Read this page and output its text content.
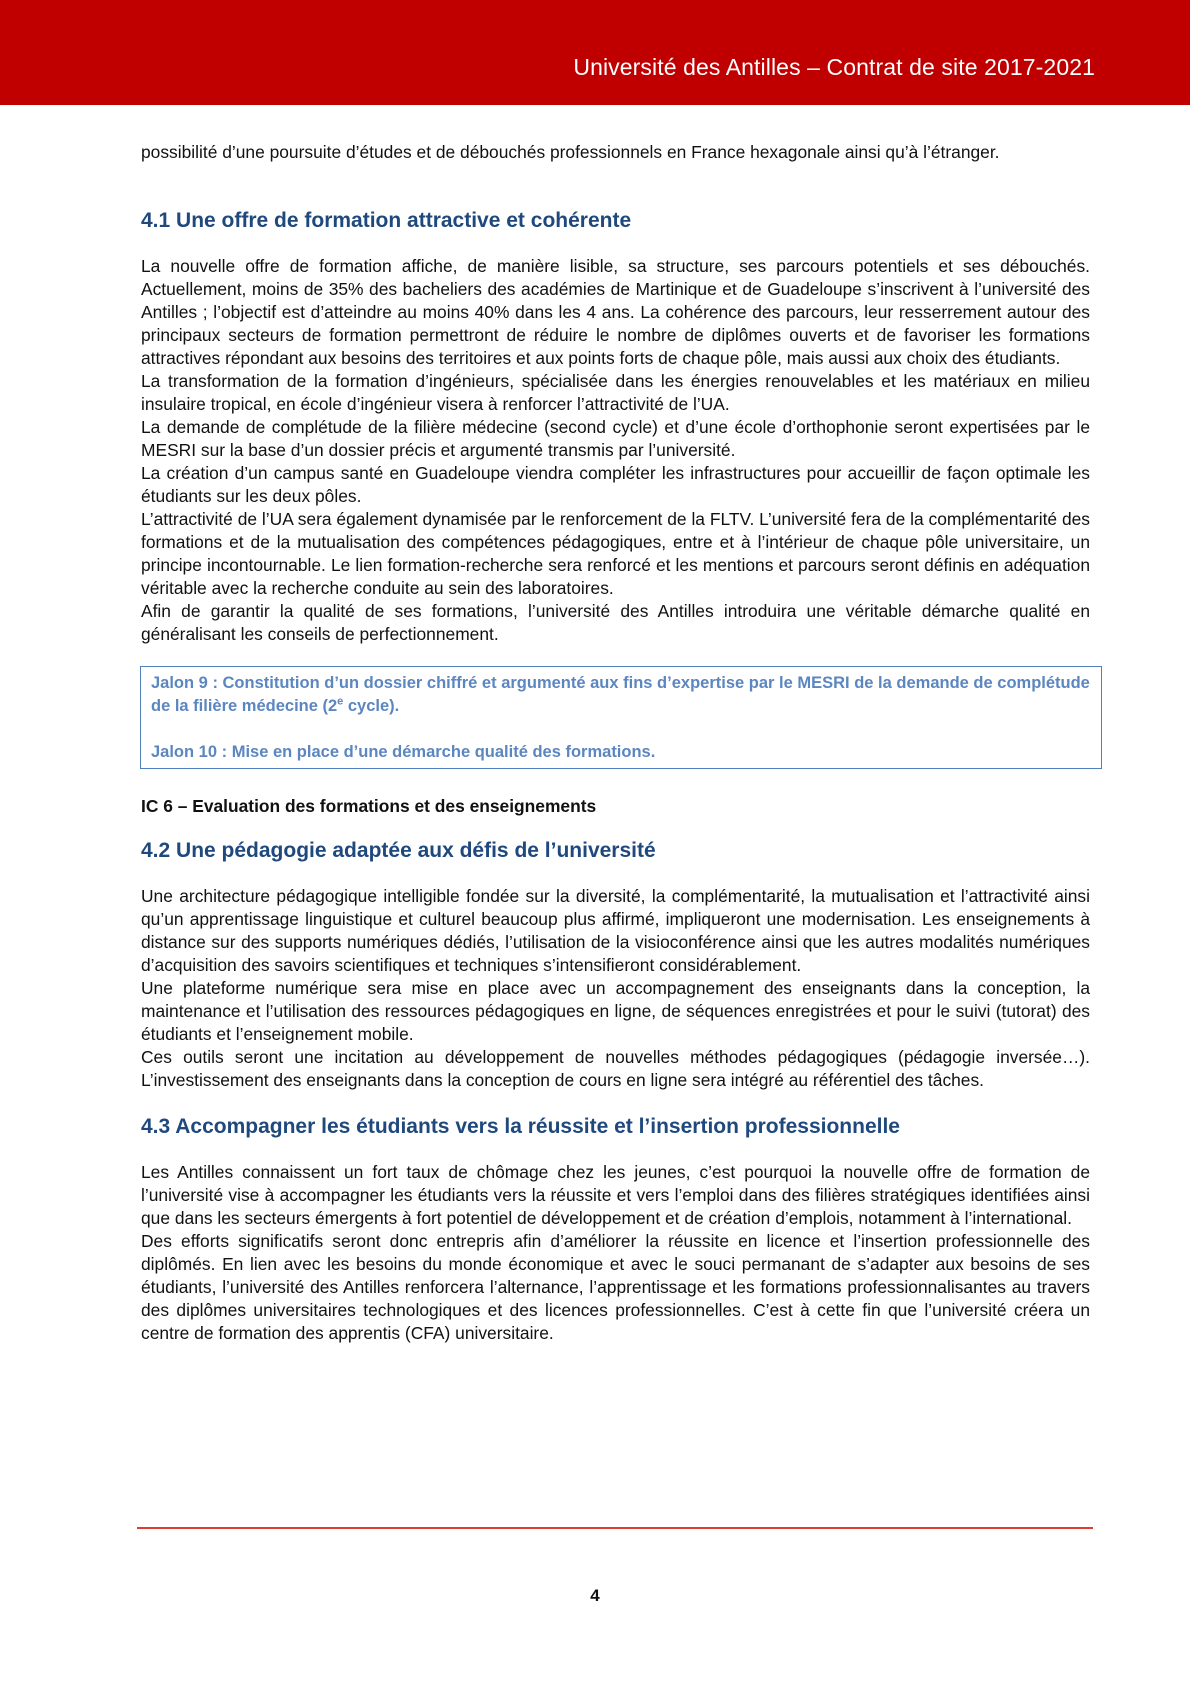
Université des Antilles – Contrat de site 2017-2021

possibilité d’une poursuite d’études et de débouchés professionnels en France hexagonale ainsi qu’à l’étranger.

4.1 Une offre de formation attractive et cohérente

La nouvelle offre de formation affiche, de manière lisible, sa structure, ses parcours potentiels et ses débouchés. Actuellement, moins de 35% des bacheliers des académies de Martinique et de Guadeloupe s’inscrivent à l’université des Antilles ; l’objectif est d’atteindre au moins 40% dans les 4 ans. La cohérence des parcours, leur resserrement autour des principaux secteurs de formation permettront de réduire le nombre de diplômes ouverts et de favoriser les formations attractives répondant aux besoins des territoires et aux points forts de chaque pôle, mais aussi aux choix des étudiants.

La transformation de la formation d’ingénieurs, spécialisée dans les énergies renouvelables et les matériaux en milieu insulaire tropical, en école d’ingénieur visera à renforcer l’attractivité de l’UA.

La demande de complétude de la filière médecine (second cycle) et d’une école d’orthophonie seront expertisées par le MESRI sur la base d’un dossier précis et argumenté transmis par l’université.

La création d’un campus santé en Guadeloupe viendra compléter les infrastructures pour accueillir de façon optimale les étudiants sur les deux pôles.

L’attractivité de l’UA sera également dynamisée par le renforcement de la FLTV. L’université fera de la complémentarité des formations et de la mutualisation des compétences pédagogiques, entre et à l’intérieur de chaque pôle universitaire, un principe incontournable. Le lien formation-recherche sera renforcé et les mentions et parcours seront définis en adéquation véritable avec la recherche conduite au sein des laboratoires.

Afin de garantir la qualité de ses formations, l’université des Antilles introduira une véritable démarche qualité en généralisant les conseils de perfectionnement.

Jalon 9 : Constitution d’un dossier chiffré et argumenté aux fins d’expertise par le MESRI de la demande de complétude de la filière médecine (2e cycle).

Jalon 10 : Mise en place d’une démarche qualité des formations.

IC 6 – Evaluation des formations et des enseignements

4.2 Une pédagogie adaptée aux défis de l’université

Une architecture pédagogique intelligible fondée sur la diversité, la complémentarité, la mutualisation et l’attractivité ainsi qu’un apprentissage linguistique et culturel beaucoup plus affirmé, impliqueront une modernisation. Les enseignements à distance sur des supports numériques dédiés, l’utilisation de la visioconférence ainsi que les autres modalités numériques d’acquisition des savoirs scientifiques et techniques s’intensifieront considérablement.

Une plateforme numérique sera mise en place avec un accompagnement des enseignants dans la conception, la maintenance et l’utilisation des ressources pédagogiques en ligne, de séquences enregistrées et pour le suivi (tutorat) des étudiants et l’enseignement mobile.

Ces outils seront une incitation au développement de nouvelles méthodes pédagogiques (pédagogie inversée…). L’investissement des enseignants dans la conception de cours en ligne sera intégré au référentiel des tâches.

4.3 Accompagner les étudiants vers la réussite et l’insertion professionnelle

Les Antilles connaissent un fort taux de chômage chez les jeunes, c’est pourquoi la nouvelle offre de formation de l’université vise à accompagner les étudiants vers la réussite et vers l’emploi dans des filières stratégiques identifiées ainsi que dans les secteurs émergents à fort potentiel de développement et de création d’emplois, notamment à l’international.

Des efforts significatifs seront donc entrepris afin d’améliorer la réussite en licence et l’insertion professionnelle des diplômés. En lien avec les besoins du monde économique et avec le souci permanant de s’adapter aux besoins de ses étudiants, l’université des Antilles renforcera l’alternance, l’apprentissage et les formations professionnalisantes au travers des diplômes universitaires technologiques et des licences professionnelles. C’est à cette fin que l’université créera un centre de formation des apprentis (CFA) universitaire.

4
